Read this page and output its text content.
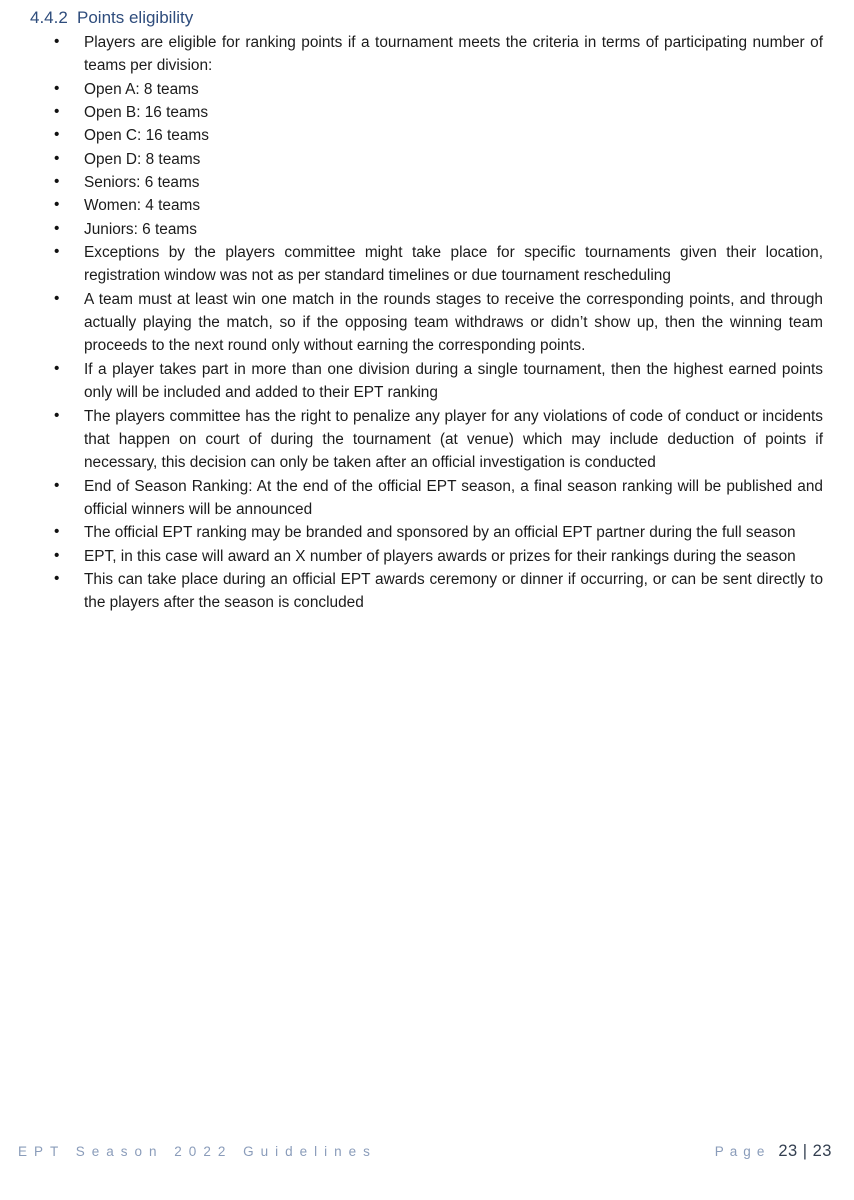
4.4.2 Points eligibility
• Players are eligible for ranking points if a tournament meets the criteria in terms of participating number of teams per division:
• Open A: 8 teams
• Open B: 16 teams
• Open C: 16 teams
• Open D: 8 teams
• Seniors: 6 teams
• Women: 4 teams
• Juniors: 6 teams
• Exceptions by the players committee might take place for specific tournaments given their location, registration window was not as per standard timelines or due tournament rescheduling
• A team must at least win one match in the rounds stages to receive the corresponding points, and through actually playing the match, so if the opposing team withdraws or didn’t show up, then the winning team proceeds to the next round only without earning the corresponding points.
• If a player takes part in more than one division during a single tournament, then the highest earned points only will be included and added to their EPT ranking
• The players committee has the right to penalize any player for any violations of code of conduct or incidents that happen on court of during the tournament (at venue) which may include deduction of points if necessary, this decision can only be taken after an official investigation is conducted
• End of Season Ranking: At the end of the official EPT season, a final season ranking will be published and official winners will be announced
• The official EPT ranking may be branded and sponsored by an official EPT partner during the full season
• EPT, in this case will award an X number of players awards or prizes for their rankings during the season
• This can take place during an official EPT awards ceremony or dinner if occurring, or can be sent directly to the players after the season is concluded
EPT Season 2022 Guidelines	Page 23 | 23
